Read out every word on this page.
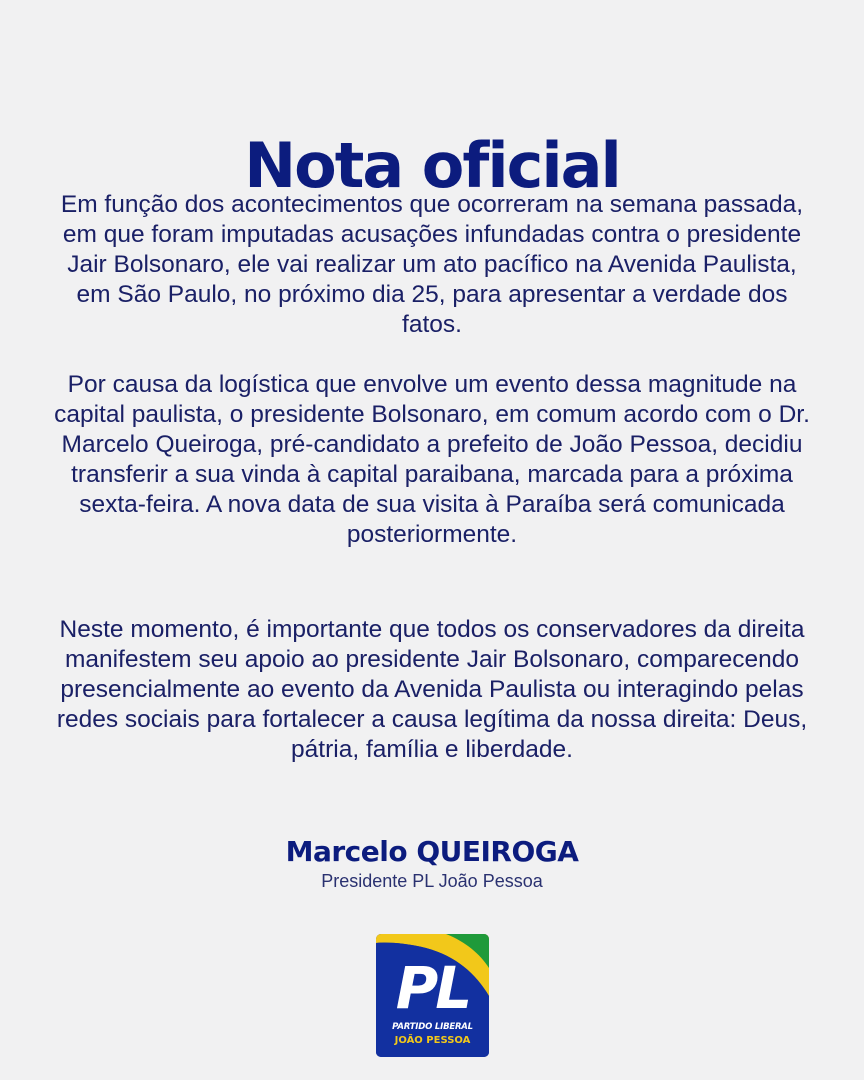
Nota oficial

Em função dos acontecimentos que ocorreram na semana passada, em que foram imputadas acusações infundadas contra o presidente Jair Bolsonaro, ele vai realizar um ato pacífico na Avenida Paulista, em São Paulo, no próximo dia 25, para apresentar a verdade dos fatos.

Por causa da logística que envolve um evento dessa magnitude na capital paulista, o presidente Bolsonaro, em comum acordo com o Dr. Marcelo Queiroga, pré-candidato a prefeito de João Pessoa, decidiu transferir a sua vinda à capital paraibana, marcada para a próxima sexta-feira. A nova data de sua visita à Paraíba será comunicada posteriormente.

Neste momento, é importante que todos os conservadores da direita manifestem seu apoio ao presidente Jair Bolsonaro, comparecendo presencialmente ao evento da Avenida Paulista ou interagindo pelas redes sociais para fortalecer a causa legítima da nossa direita: Deus, pátria, família e liberdade.

Marcelo QUEIROGA
Presidente PL João Pessoa
PL
PARTIDO LIBERAL
JOÃO PESSOA
